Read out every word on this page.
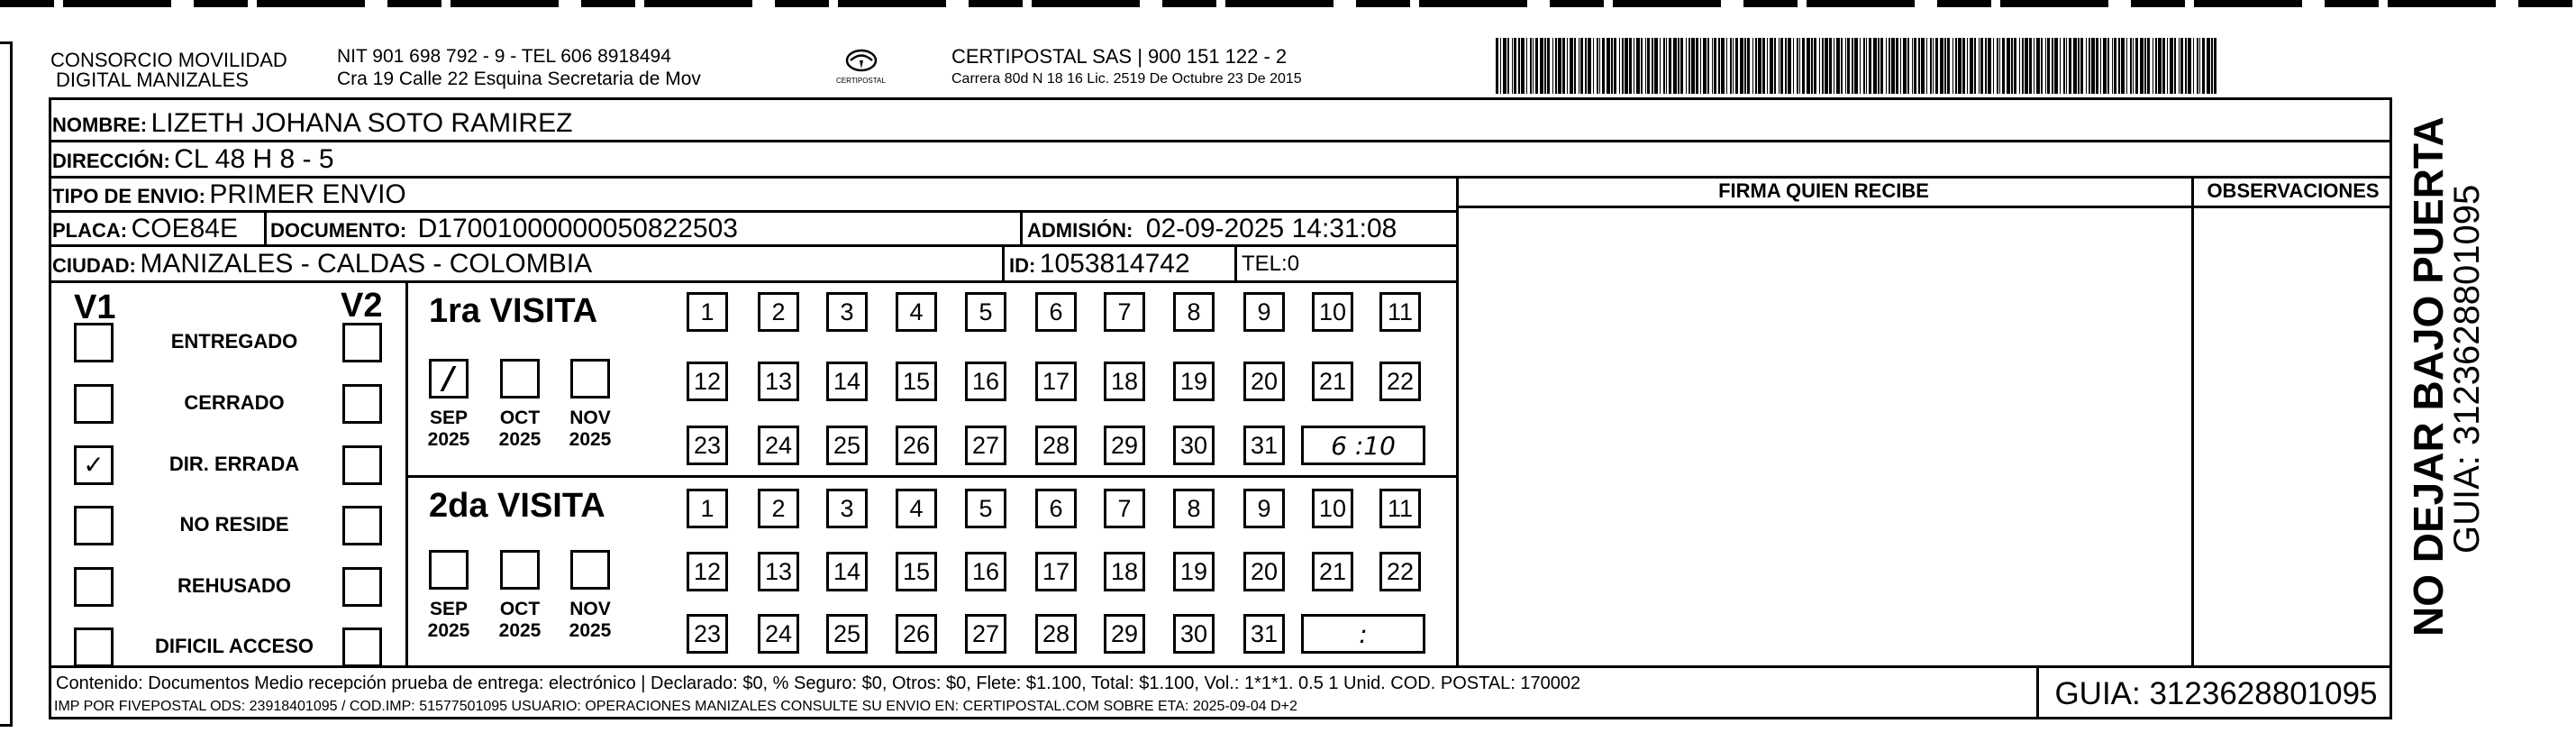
CONSORCIO MOVILIDAD
DIGITAL MANIZALES
NIT 901 698 792 - 9 - TEL 606 8918494
Cra 19 Calle 22 Esquina Secretaria de Mov	CERTIPOSTAL
CERTIPOSTAL SAS | 900 151 122 - 2
Carrera 80d N 18 16 Lic. 2519 De Octubre 23 De 2015
NOMBRE: LIZETH JOHANA SOTO RAMIREZ
DIRECCIÓN: CL 48 H 8 - 5
TIPO DE ENVIO: PRIMER ENVIO
PLACA: COE84E DOCUMENTO: D17001000000050822503	ADMISIÓN: 02-09-2025 14:31:08
CIUDAD: MANIZALES - CALDAS - COLOMBIA	ID: 1053814742 TEL:0
FIRMA QUIEN RECIBE	OBSERVACIONES
V1	V2 1ra VISITA
2da VISITA
Contenido: Documentos Medio recepción prueba de entrega: electrónico | Declarado: $0, % Seguro: $0, Otros: $0, Flete: $1.100, Total: $1.100, Vol.: 1*1*1. 0.5 1 Unid. COD. POSTAL: 170002
IMP POR FIVEPOSTAL ODS: 23918401095 / COD.IMP: 51577501095 USUARIO: OPERACIONES MANIZALES CONSULTE SU ENVIO EN: CERTIPOSTAL.COM SOBRE ETA: 2025-09-04 D+2	GUIA: 3123628801095
NO DEJAR BAJO PUERTA
GUIA: 3123628801095
ENTREGADO
CERRADO
✓	DIR. ERRADA
NO RESIDE
REHUSADO
DIFICIL ACCESO
1 2 3 4 5 6 7 8 9 10 11
12 13 14 15 16 17 18 19 20 21 22
23 24 25 26 27 28 29 30 31	6 :10
/
SEP
2025
OCT
2025
NOV
2025
1 2 3 4 5 6 7 8 9 10 11
12 13 14 15 16 17 18 19 20 21 22
23 24 25 26 27 28 29 30 31	:
SEP
2025
OCT
2025
NOV
2025
